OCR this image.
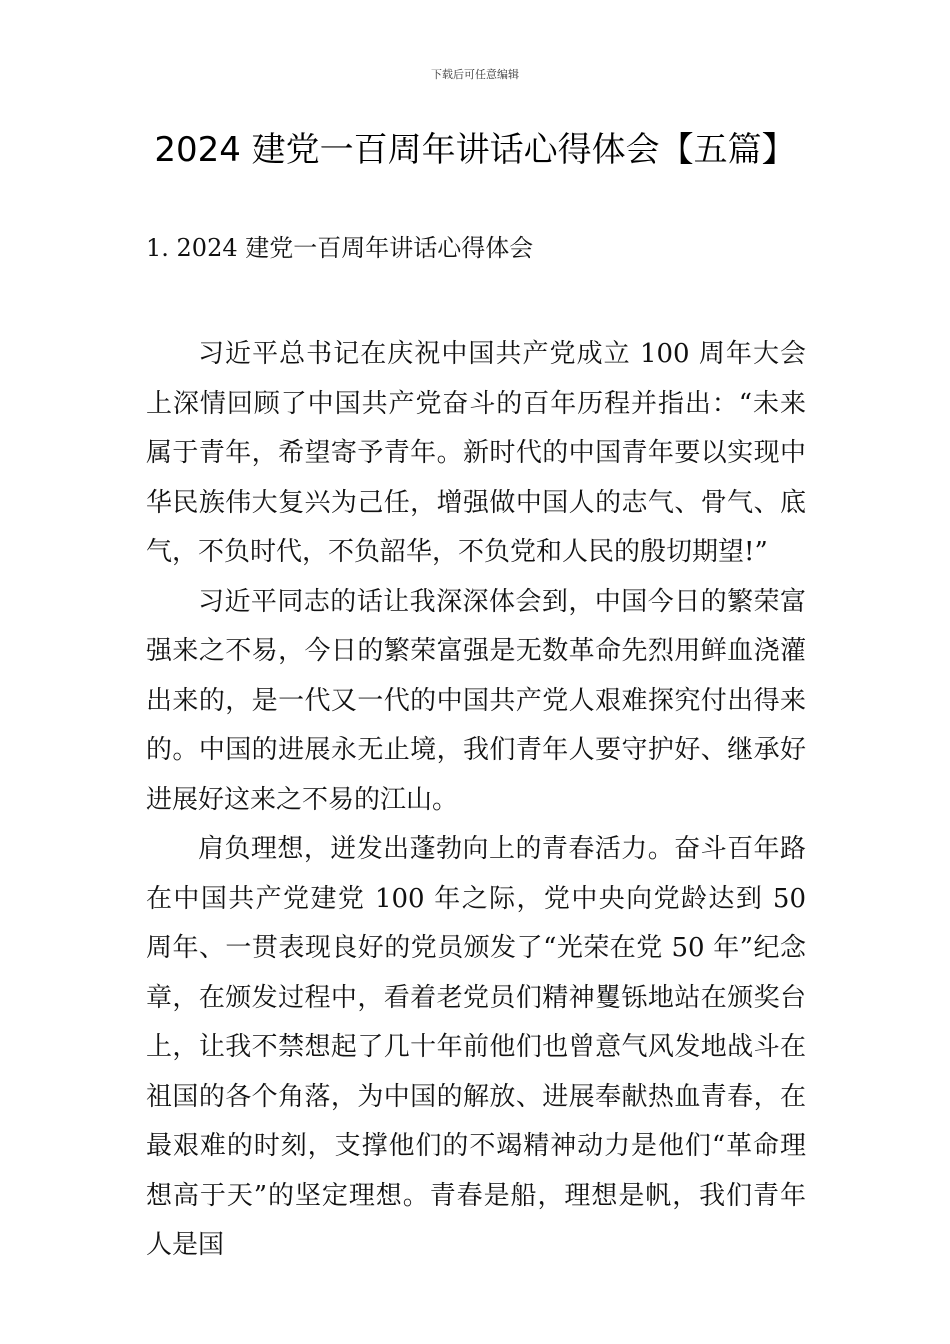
下载后可任意编辑
2024 建党一百周年讲话心得体会【五篇】
1. 2024 建党一百周年讲话心得体会

习近平总书记在庆祝中国共产党成立 100 周年大会上深情回顾了中国共产党奋斗的百年历程并指出：“未来属于青年，希望寄予青年。新时代的中国青年要以实现中华民族伟大复兴为己任，增强做中国人的志气、骨气、底气，不负时代，不负韶华，不负党和人民的殷切期望!”

习近平同志的话让我深深体会到，中国今日的繁荣富强来之不易，今日的繁荣富强是无数革命先烈用鲜血浇灌出来的，是一代又一代的中国共产党人艰难探究付出得来的。中国的进展永无止境，我们青年人要守护好、继承好进展好这来之不易的江山。

肩负理想，迸发出蓬勃向上的青春活力。奋斗百年路在中国共产党建党 100 年之际，党中央向党龄达到 50 周年、一贯表现良好的党员颁发了“光荣在党 50 年”纪念章，在颁发过程中，看着老党员们精神矍铄地站在颁奖台上，让我不禁想起了几十年前他们也曾意气风发地战斗在祖国的各个角落，为中国的解放、进展奉献热血青春，在最艰难的时刻，支撑他们的不竭精神动力是他们“革命理想高于天”的坚定理想。青春是船，理想是帆，我们青年人是国
